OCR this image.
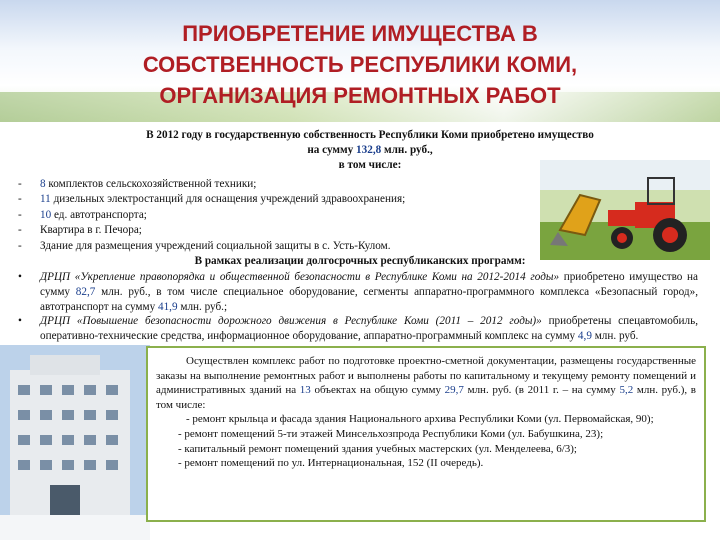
ПРИОБРЕТЕНИЕ ИМУЩЕСТВА В
СОБСТВЕННОСТЬ РЕСПУБЛИКИ КОМИ,
ОРГАНИЗАЦИЯ РЕМОНТНЫХ РАБОТ
В 2012 году в государственную собственность Республики Коми приобретено имущество
на сумму 132,8 млн. руб.,
в том числе:
- 8 комплектов сельскохозяйственной техники;
- 11 дизельных электростанций для оснащения учреждений здравоохранения;
- 10 ед. автотранспорта;
- Квартира в г. Печора;
- Здание для размещения учреждений социальной защиты в с. Усть-Кулом.
В рамках реализации долгосрочных республиканских программ:
• ДРЦП «Укрепление правопорядка и общественной безопасности в Республике Коми на 2012-2014 годы» приобретено имущество на сумму 82,7 млн. руб., в том числе специальное оборудование, сегменты аппаратно-программного комплекса «Безопасный город», автотранспорт на сумму 41,9 млн. руб.;
• ДРЦП «Повышение безопасности дорожного движения в Республике Коми (2011 – 2012 годы)» приобретены спецавтомобиль, оперативно-технические средства, информационное оборудование, аппаратно-программный комплекс на сумму 4,9 млн. руб.

Осуществлен комплекс работ по подготовке проектно-сметной документации, размещены государственные заказы на выполнение ремонтных работ и выполнены работы по капитальному и текущему ремонту помещений и административных зданий на 13 объектах на общую сумму 29,7 млн. руб. (в 2011 г. – на сумму 5,2 млн. руб.), в том числе:

- ремонт крыльца и фасада здания Национального архива Республики Коми (ул. Первомайская, 90);

- ремонт помещений 5-ти этажей Минсельхозпрода Республики Коми (ул. Бабушкина, 23);

- капитальный ремонт помещений здания учебных мастерских (ул. Менделеева, 6/3);

- ремонт помещений по ул. Интернациональная, 152 (II очередь).
